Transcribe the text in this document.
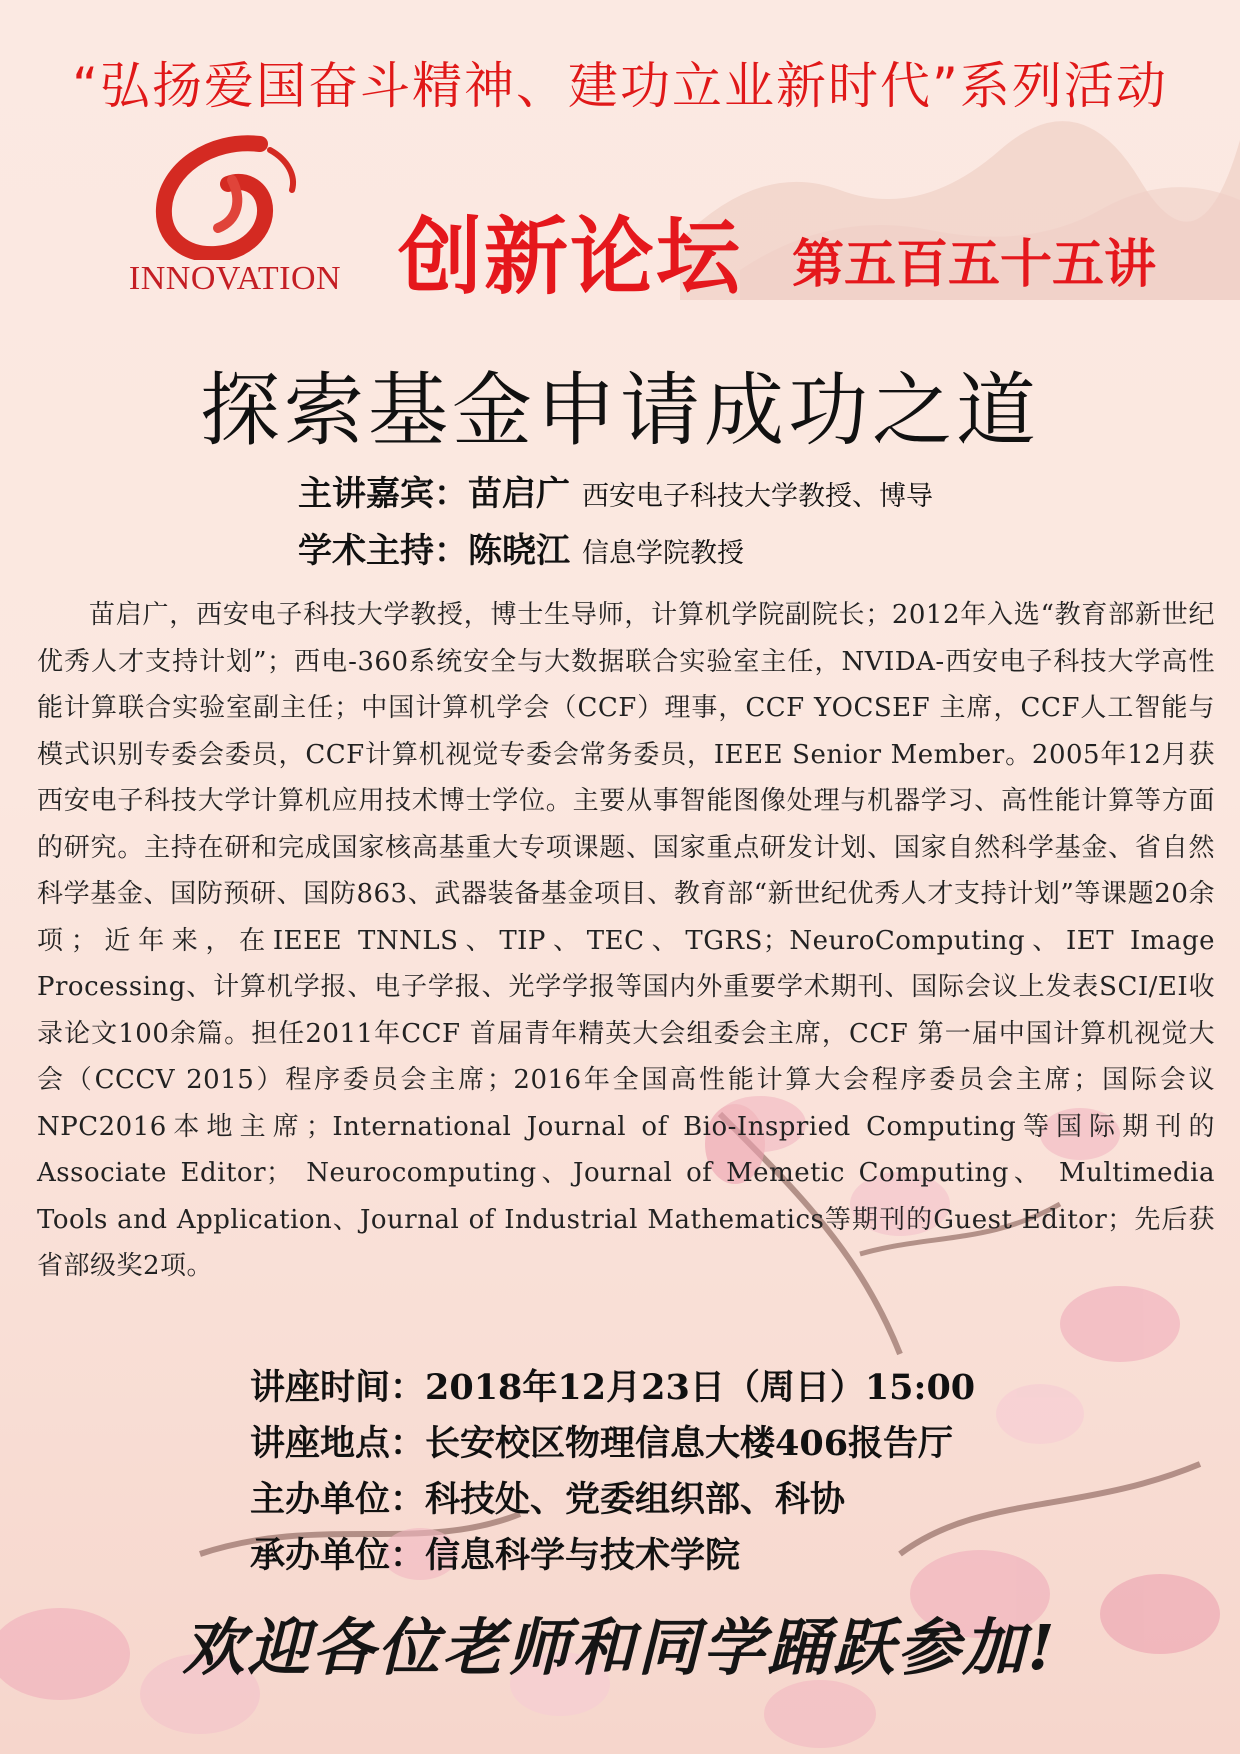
“弘扬爱国奋斗精神、建功立业新时代”系列活动
INNOVATION 创新论坛 第五百五十五讲
探索基金申请成功之道
主讲嘉宾：苗启广 西安电子科技大学教授、博导
学术主持：陈晓江 信息学院教授

苗启广，西安电子科技大学教授，博士生导师，计算机学院副院长；2012年入选“教育部新世纪优秀人才支持计划”；西电-360系统安全与大数据联合实验室主任，NVIDA-西安电子科技大学高性能计算联合实验室副主任；中国计算机学会（CCF）理事，CCF YOCSEF 主席，CCF人工智能与模式识别专委会委员，CCF计算机视觉专委会常务委员，IEEE Senior Member。2005年12月获西安电子科技大学计算机应用技术博士学位。主要从事智能图像处理与机器学习、高性能计算等方面的研究。主持在研和完成国家核高基重大专项课题、国家重点研发计划、国家自然科学基金、省自然科学基金、国防预研、国防863、武器装备基金项目、教育部“新世纪优秀人才支持计划”等课题20余项；近年来，在IEEE TNNLS、TIP、TEC、TGRS；NeuroComputing、IET Image Processing、计算机学报、电子学报、光学学报等国内外重要学术期刊、国际会议上发表SCI/EI收录论文100余篇。担任2011年CCF 首届青年精英大会组委会主席，CCF 第一届中国计算机视觉大会（CCCV 2015）程序委员会主席；2016年全国高性能计算大会程序委员会主席；国际会议NPC2016本地主席；International Journal of Bio-Inspried Computing等国际期刊的Associate Editor； Neurocomputing、Journal of Memetic Computing、 Multimedia Tools and Application、Journal of Industrial Mathematics等期刊的Guest Editor；先后获省部级奖2项。

讲座时间：2018年12月23日（周日）15:00
讲座地点：长安校区物理信息大楼406报告厅
主办单位：科技处、党委组织部、科协
承办单位：信息科学与技术学院
欢迎各位老师和同学踊跃参加!
